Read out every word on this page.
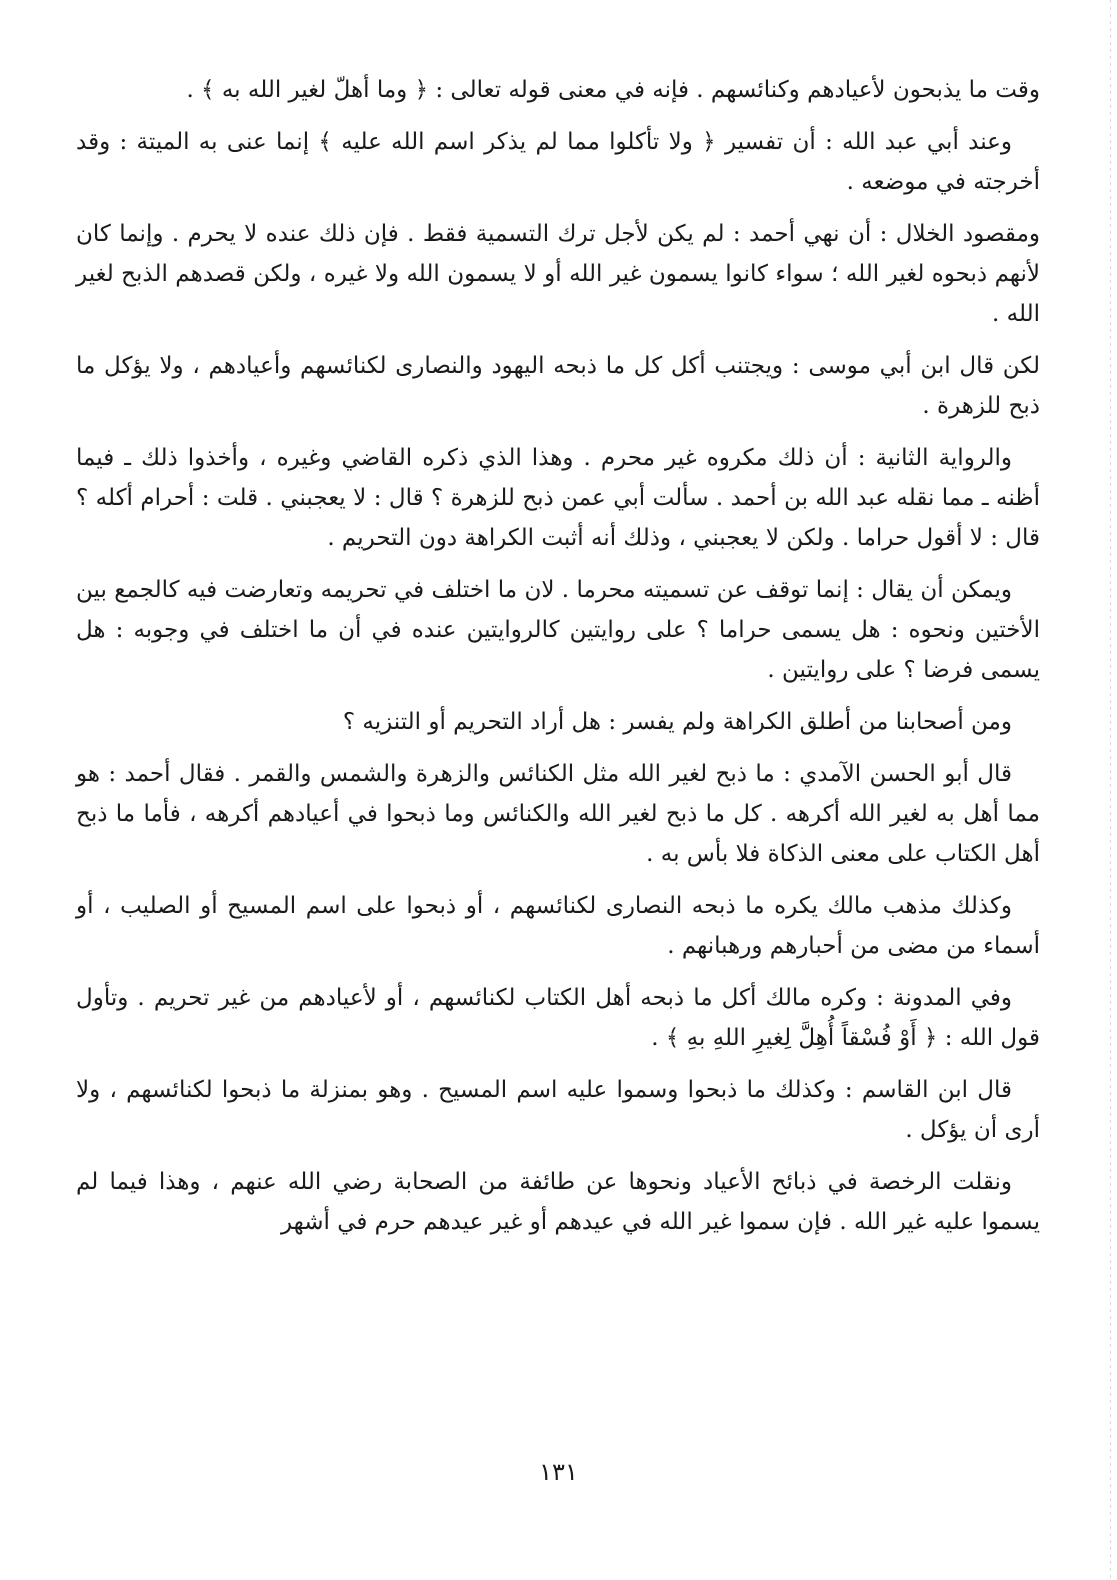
وقت ما يذبحون لأعيادهم وكنائسهم . فإنه في معنى قوله تعالى : ﴿ وما أهلّ لغير الله به ﴾ .

وعند أبي عبد الله : أن تفسير ﴿ ولا تأكلوا مما لم يذكر اسم الله عليه ﴾ إنما عنى به الميتة : وقد أخرجته في موضعه .

ومقصود الخلال : أن نهي أحمد : لم يكن لأجل ترك التسمية فقط . فإن ذلك عنده لا يحرم . وإنما كان لأنهم ذبحوه لغير الله ؛ سواء كانوا يسمون غير الله أو لا يسمون الله ولا غيره ، ولكن قصدهم الذبح لغير الله .

لكن قال ابن أبي موسى : ويجتنب أكل كل ما ذبحه اليهود والنصارى لكنائسهم وأعيادهم ، ولا يؤكل ما ذبح للزهرة .

والرواية الثانية : أن ذلك مكروه غير محرم . وهذا الذي ذكره القاضي وغيره ، وأخذوا ذلك ـ فيما أظنه ـ مما نقله عبد الله بن أحمد . سألت أبي عمن ذبح للزهرة ؟ قال : لا يعجبني . قلت : أحرام أكله ؟ قال : لا أقول حراما . ولكن لا يعجبني ، وذلك أنه أثبت الكراهة دون التحريم .

ويمكن أن يقال : إنما توقف عن تسميته محرما . لان ما اختلف في تحريمه وتعارضت فيه كالجمع بين الأختين ونحوه : هل يسمى حراما ؟ على روايتين كالروايتين عنده في أن ما اختلف في وجوبه : هل يسمى فرضا ؟ على روايتين .

ومن أصحابنا من أطلق الكراهة ولم يفسر : هل أراد التحريم أو التنزيه ؟

قال أبو الحسن الآمدي : ما ذبح لغير الله مثل الكنائس والزهرة والشمس والقمر . فقال أحمد : هو مما أهل به لغير الله أكرهه . كل ما ذبح لغير الله والكنائس وما ذبحوا في أعيادهم أكرهه ، فأما ما ذبح أهل الكتاب على معنى الذكاة فلا بأس به .

وكذلك مذهب مالك يكره ما ذبحه النصارى لكنائسهم ، أو ذبحوا على اسم المسيح أو الصليب ، أو أسماء من مضى من أحبارهم ورهبانهم .

وفي المدونة : وكره مالك أكل ما ذبحه أهل الكتاب لكنائسهم ، أو لأعيادهم من غير تحريم . وتأول قول الله : ﴿ أَوْ فُسْقاً أُهِلَّ لِغيرِ اللهِ بهِ ﴾ .

قال ابن القاسم : وكذلك ما ذبحوا وسموا عليه اسم المسيح . وهو بمنزلة ما ذبحوا لكنائسهم ، ولا أرى أن يؤكل .

ونقلت الرخصة في ذبائح الأعياد ونحوها عن طائفة من الصحابة رضي الله عنهم ، وهذا فيما لم يسموا عليه غير الله . فإن سموا غير الله في عيدهم أو غير عيدهم حرم في أشهر

١٣١
